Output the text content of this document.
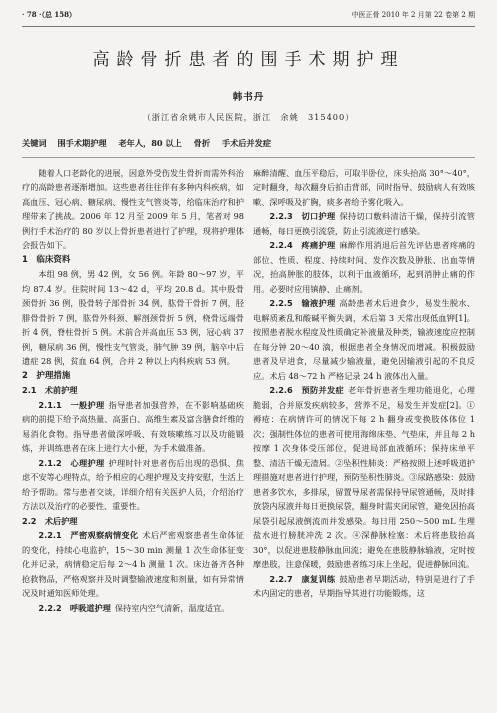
· 78 ·（总 158）	中医正骨 2010 年 2 月第 22 卷第 2 期
高龄骨折患者的围手术期护理
韩书丹
（浙江省余姚市人民医院，浙江　余姚　315400）
关键词 围手术期护理 老年人，80 以上 骨折 手术后并发症

随着人口老龄化的进展，因意外受伤发生骨折而需外科治疗的高龄患者逐渐增加。这些患者往往伴有多种内科疾病，如高血压、冠心病、糖尿病、慢性支气管炎等，给临床治疗和护理带来了挑战。2006 年 12 月至 2009 年 5 月，笔者对 98 例行手术治疗的 80 岁以上骨折患者进行了护理，现将护理体会报告如下。

1　临床资料

本组 98 例，男 42 例，女 56 例。年龄 80～97 岁，平均 87.4 岁。住院时间 13～42 d，平均 20.8 d。其中股骨颈骨折 36 例，股骨转子部骨折 34 例，肱骨干骨折 7 例，胫腓骨骨折 7 例，肱骨外科颈、解剖颈骨折 5 例，桡骨远端骨折 4 例，脊柱骨折 5 例。术前合并高血压 53 例，冠心病 37 例，糖尿病 36 例，慢性支气管炎，肺气肿 39 例，脑卒中后遗症 28 例，贫血 64 例，合并 2 种以上内科疾病 53 例。

2　护理措施
2.1　术前护理

2.1.1　一般护理 指导患者加强营养，在不影响基础疾病的前提下给予高热量、高蛋白、高维生素及富含膳食纤维的易消化食物。指导患者做深呼吸、有效咳嗽练习以及功能锻炼，并训练患者在床上进行大小便，为手术做准备。

2.1.2　心理护理 护理时针对患者伤后出现的恐惧、焦虑不安等心理特点，给予相应的心理护理及支持安慰，生活上给予帮助。常与患者交谈，详细介绍有关医护人员，介绍治疗方法以及治疗的必要性、重要性。

2.2　术后护理

2.2.1　严密观察病情变化 术后严密观察患者生命体征的变化，持续心电监护，15～30 min 测量 1 次生命体征变化并记录，病情稳定后每 2～4 h 测量 1 次。床边备齐各种抢救物品，严格观察并及时调整输液速度和剂量，如有异常情况及时通知医师处理。

2.2.2　呼吸道护理 保持室内空气清新，温度适宜。

麻醉清醒、血压平稳后，可取半卧位，床头抬高 30°～40°，定时翻身，每次翻身后拍击背部，同时指导、鼓励病人有效咳嗽、深呼吸及扩胸，痰多者给予雾化吸入。

2.2.3　切口护理 保持切口敷料清洁干燥，保持引流管通畅，每日更换引流袋，防止引流液逆行感染。

2.2.4　疼痛护理 麻醉作用消退后首先评估患者疼痛的部位、性质、程度、持续时间、发作次数及肿胀、出血等情况，抬高肿胀的肢体，以利于血液循环，起到消肿止痛的作用。必要时应用镇静、止痛剂。

2.2.5　输液护理 高龄患者术后进食少，易发生脱水、电解质紊乱和酸碱平衡失调，术后第 3 天常出现低血钾[1]。按照患者脱水程度及性质确定补液量及种类，输液速度应控制在每分钟 20～40 滴，根据患者全身情况而增减。积极鼓励患者及早进食，尽量减少输液量，避免因输液引起的不良反应。术后 48～72 h 严格记录 24 h 液体出入量。

2.2.6　预防并发症 老年骨折患者生理功能退化，心理脆弱，合并原发疾病较多，营养不足，易发生并发症[2]。①褥疮：在病情许可的情况下每 2 h 翻身或变换肢体体位 1 次；强制性体位的患者可使用海绵床垫、气垫床，并且每 2 h 按摩 1 次身体受压部位，促进局部血液循环；保持床单平整、清洁干燥无渣屑。②坠积性肺炎：严格按照上述呼吸道护理措施对患者进行护理，预防坠积性肺炎。③尿路感染：鼓励患者多饮水，多排尿，留置导尿者需保持导尿管通畅，及时排放袋内尿液并每日更换尿袋，翻身时需夹闭尿管，避免因抬高尿袋引起尿液倒流而并发感染。每日用 250～500 mL 生理盐水进行膀胱冲洗 2 次。④深静脉栓塞：术后将患肢抬高 30°，以促进患肢静脉血回流；避免在患肢静脉输液，定时按摩患肢，注意保暖，鼓励患者练习床上坐起，促进静脉回流。

2.2.7　康复训练 鼓励患者早期活动，特别是进行了手术内固定的患者，早期指导其进行功能锻炼，这
